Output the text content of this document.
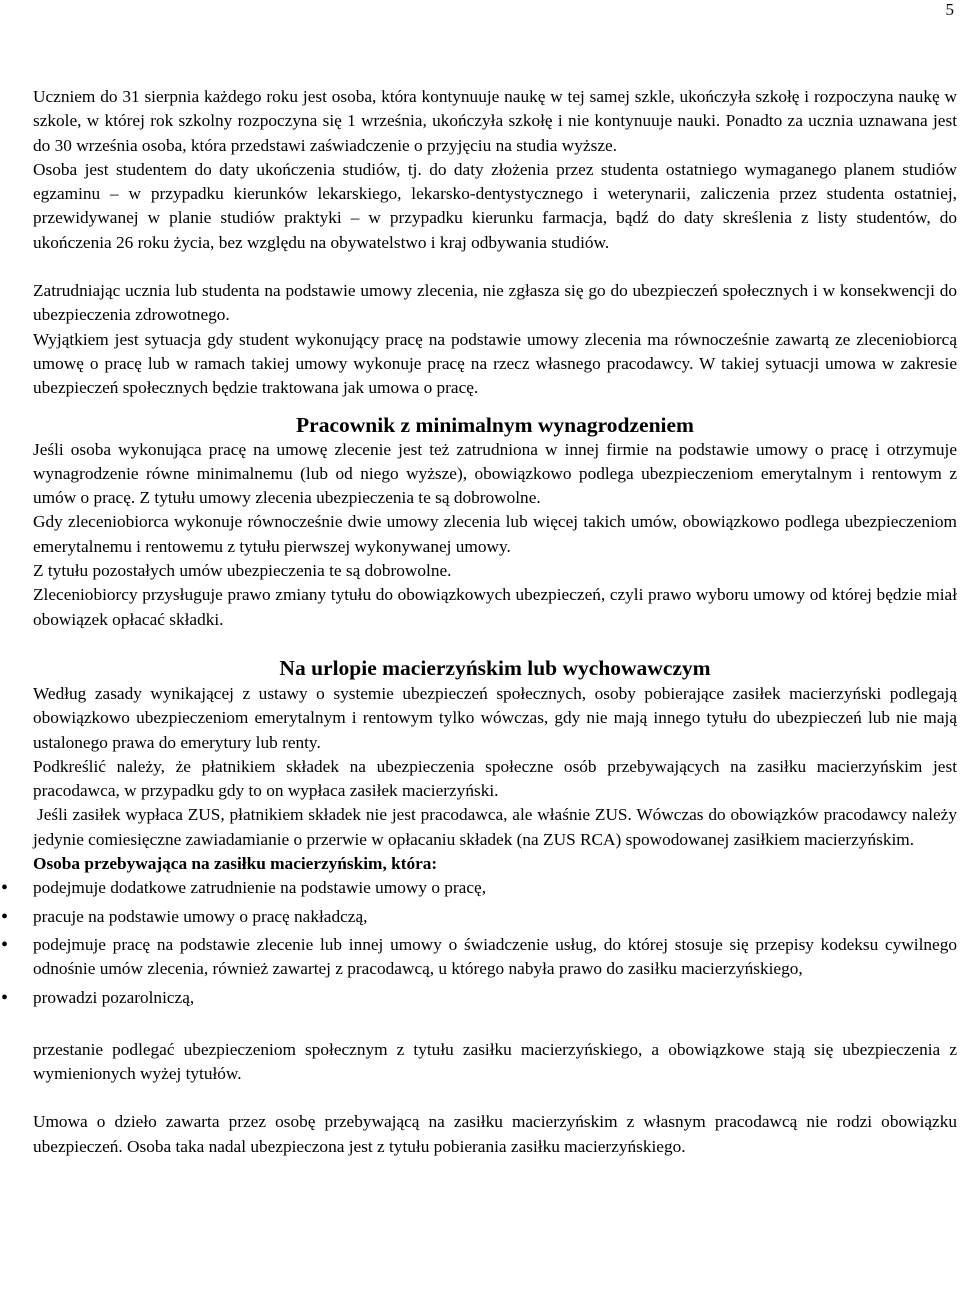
5

Uczniem do 31 sierpnia każdego roku jest osoba, która kontynuuje naukę w tej samej szkle, ukończyła szkołę i rozpoczyna naukę w szkole, w której rok szkolny rozpoczyna się 1 września, ukończyła szkołę i nie kontynuuje nauki. Ponadto za ucznia uznawana jest do 30 września osoba, która przedstawi zaświadczenie o przyjęciu na studia wyższe.

Osoba jest studentem do daty ukończenia studiów, tj. do daty złożenia przez studenta ostatniego wymaganego planem studiów egzaminu – w przypadku kierunków lekarskiego, lekarsko-dentystycznego i weterynarii, zaliczenia przez studenta ostatniej, przewidywanej w planie studiów praktyki – w przypadku kierunku farmacja, bądź do daty skreślenia z listy studentów, do ukończenia 26 roku życia, bez względu na obywatelstwo i kraj odbywania studiów.

Zatrudniając ucznia lub studenta na podstawie umowy zlecenia, nie zgłasza się go do ubezpieczeń społecznych i w konsekwencji do ubezpieczenia zdrowotnego.

Wyjątkiem jest sytuacja gdy student wykonujący pracę na podstawie umowy zlecenia ma równocześnie zawartą ze zleceniobiorcą umowę o pracę lub w ramach takiej umowy wykonuje pracę na rzecz własnego pracodawcy. W takiej sytuacji umowa w zakresie ubezpieczeń społecznych będzie traktowana jak umowa o pracę.

Pracownik z minimalnym wynagrodzeniem

Jeśli osoba wykonująca pracę na umowę zlecenie jest też zatrudniona w innej firmie na podstawie umowy o pracę i otrzymuje wynagrodzenie równe minimalnemu (lub od niego wyższe), obowiązkowo podlega ubezpieczeniom emerytalnym i rentowym z umów o pracę. Z tytułu umowy zlecenia ubezpieczenia te są dobrowolne.

Gdy zleceniobiorca wykonuje równocześnie dwie umowy zlecenia lub więcej takich umów, obowiązkowo podlega ubezpieczeniom emerytalnemu i rentowemu z tytułu pierwszej wykonywanej umowy.

Z tytułu pozostałych umów ubezpieczenia te są dobrowolne.

Zleceniobiorcy przysługuje prawo zmiany tytułu do obowiązkowych ubezpieczeń, czyli prawo wyboru umowy od której będzie miał obowiązek opłacać składki.

Na urlopie macierzyńskim lub wychowawczym

Według zasady wynikającej z ustawy o systemie ubezpieczeń społecznych, osoby pobierające zasiłek macierzyński podlegają obowiązkowo ubezpieczeniom emerytalnym i rentowym tylko wówczas, gdy nie mają innego tytułu do ubezpieczeń lub nie mają ustalonego prawa do emerytury lub renty.

Podkreślić należy, że płatnikiem składek na ubezpieczenia społeczne osób przebywających na zasiłku macierzyńskim jest pracodawca, w przypadku gdy to on wypłaca zasiłek macierzyński.

Jeśli zasiłek wypłaca ZUS, płatnikiem składek nie jest pracodawca, ale właśnie ZUS. Wówczas do obowiązków pracodawcy należy jedynie comiesięczne zawiadamianie o przerwie w opłacaniu składek (na ZUS RCA) spowodowanej zasiłkiem macierzyńskim.

Osoba przebywająca na zasiłku macierzyńskim, która:

• podejmuje dodatkowe zatrudnienie na podstawie umowy o pracę,
• pracuje na podstawie umowy o pracę nakładczą,
• podejmuje pracę na podstawie zlecenie lub innej umowy o świadczenie usług, do której stosuje się przepisy kodeksu cywilnego odnośnie umów zlecenia, również zawartej z pracodawcą, u którego nabyła prawo do zasiłku macierzyńskiego,
• prowadzi pozarolniczą,

przestanie podlegać ubezpieczeniom społecznym z tytułu zasiłku macierzyńskiego, a obowiązkowe stają się ubezpieczenia z wymienionych wyżej tytułów.

Umowa o dzieło zawarta przez osobę przebywającą na zasiłku macierzyńskim z własnym pracodawcą nie rodzi obowiązku ubezpieczeń. Osoba taka nadal ubezpieczona jest z tytułu pobierania zasiłku macierzyńskiego.
